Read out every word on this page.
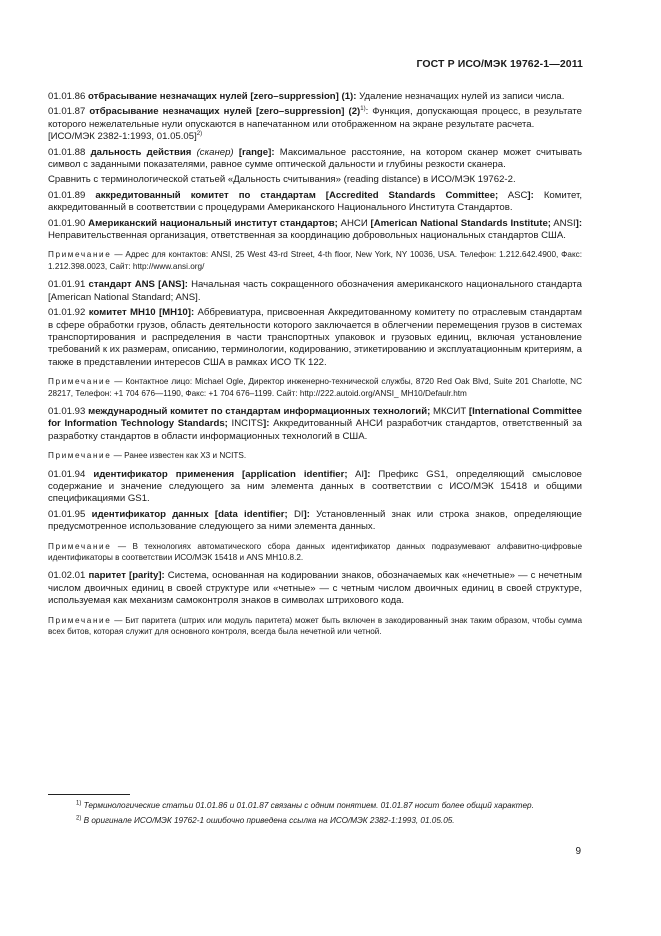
ГОСТ Р ИСО/МЭК 19762-1—2011

01.01.86 отбрасывание незначащих нулей [zero–suppression] (1): Удаление незначащих нулей из записи числа.

01.01.87 отбрасывание незначащих нулей [zero–suppression] $(2)^{1)}$: Функция, допускающая процесс, в результате которого нежелательные нули опускаются в напечатанном или отображенном на экране результате расчета.
[ИСО/МЭК 2382-1:1993, 01.05.05]$^{2)}$

01.01.88 дальность действия (сканер) [range]: Максимальное расстояние, на котором сканер может считывать символ с заданными показателями, равное сумме оптической дальности и глубины резкости сканера.

Сравнить с терминологической статьей «Дальность считывания» (reading distance) в ИСО/МЭК 19762-2.

01.01.89 аккредитованный комитет по стандартам [Accredited Standards Committee; ASC]: Комитет, аккредитованный в соответствии с процедурами Американского Национального Института Стандартов.

01.01.90 Американский национальный институт стандартов; АНСИ [American National Standards Institute; ANSI]: Неправительственная организация, ответственная за координацию добровольных национальных стандартов США.

Примечание — Адрес для контактов: ANSI, 25 West 43-rd Street, 4-th floor, New York, NY 10036, USA. Телефон: 1.212.642.4900, Факс: 1.212.398.0023, Сайт: http://www.ansi.org/

01.01.91 стандарт ANS [ANS]: Начальная часть сокращенного обозначения американского национального стандарта [American National Standard; ANS].

01.01.92 комитет MH10 [MH10]: Аббревиатура, присвоенная Аккредитованному комитету по отраслевым стандартам в сфере обработки грузов, область деятельности которого заключается в облегчении перемещения грузов в системах транспортирования и распределения в части транспортных упаковок и грузовых единиц, включая установление требований к их размерам, описанию, терминологии, кодированию, этикетированию и эксплуатационным критериям, а также в представлении интересов США в рамках ИСО ТК 122.

Примечание — Контактное лицо: Michael Ogle, Директор инженерно-технической службы, 8720 Red Oak Blvd, Suite 201 Charlotte, NC 28217, Телефон: +1 704 676—1190, Факс: +1 704 676–1199. Сайт: http://222.autoid.org/ANSI_ MH10/Defaulr.htm

01.01.93 международный комитет по стандартам информационных технологий; МКСИТ [International Committee for Information Technology Standards; INCITS]: Аккредитованный АНСИ разработчик стандартов, ответственный за разработку стандартов в области информационных технологий в США.

Примечание — Ранее известен как X3 и NCITS.

01.01.94 идентификатор применения [application identifier; AI]: Префикс GS1, определяющий смысловое содержание и значение следующего за ним элемента данных в соответствии с ИСО/МЭК 15418 и общими спецификациями GS1.

01.01.95 идентификатор данных [data identifier; DI]: Установленный знак или строка знаков, определяющие предусмотренное использование следующего за ними элемента данных.

Примечание — В технологиях автоматического сбора данных идентификатор данных подразумевают алфавитно-цифровые идентификаторы в соответствии ИСО/МЭК 15418 и ANS MH10.8.2.

01.02.01 паритет [parity]: Система, основанная на кодировании знаков, обозначаемых как «нечетные» — с нечетным числом двоичных единиц в своей структуре или «четные» — с четным числом двоичных единиц в своей структуре, используемая как механизм самоконтроля знаков в символах штрихового кода.

Примечание — Бит паритета (штрих или модуль паритета) может быть включен в закодированный знак таким образом, чтобы сумма всех битов, которая служит для основного контроля, всегда была нечетной или четной.

$^{1)}$ Терминологические статьи 01.01.86 и 01.01.87 связаны с одним понятием. 01.01.87 носит более общий характер.

$^{2)}$ В оригинале ИСО/МЭК 19762-1 ошибочно приведена ссылка на ИСО/МЭК 2382-1:1993, 01.05.05.

9
